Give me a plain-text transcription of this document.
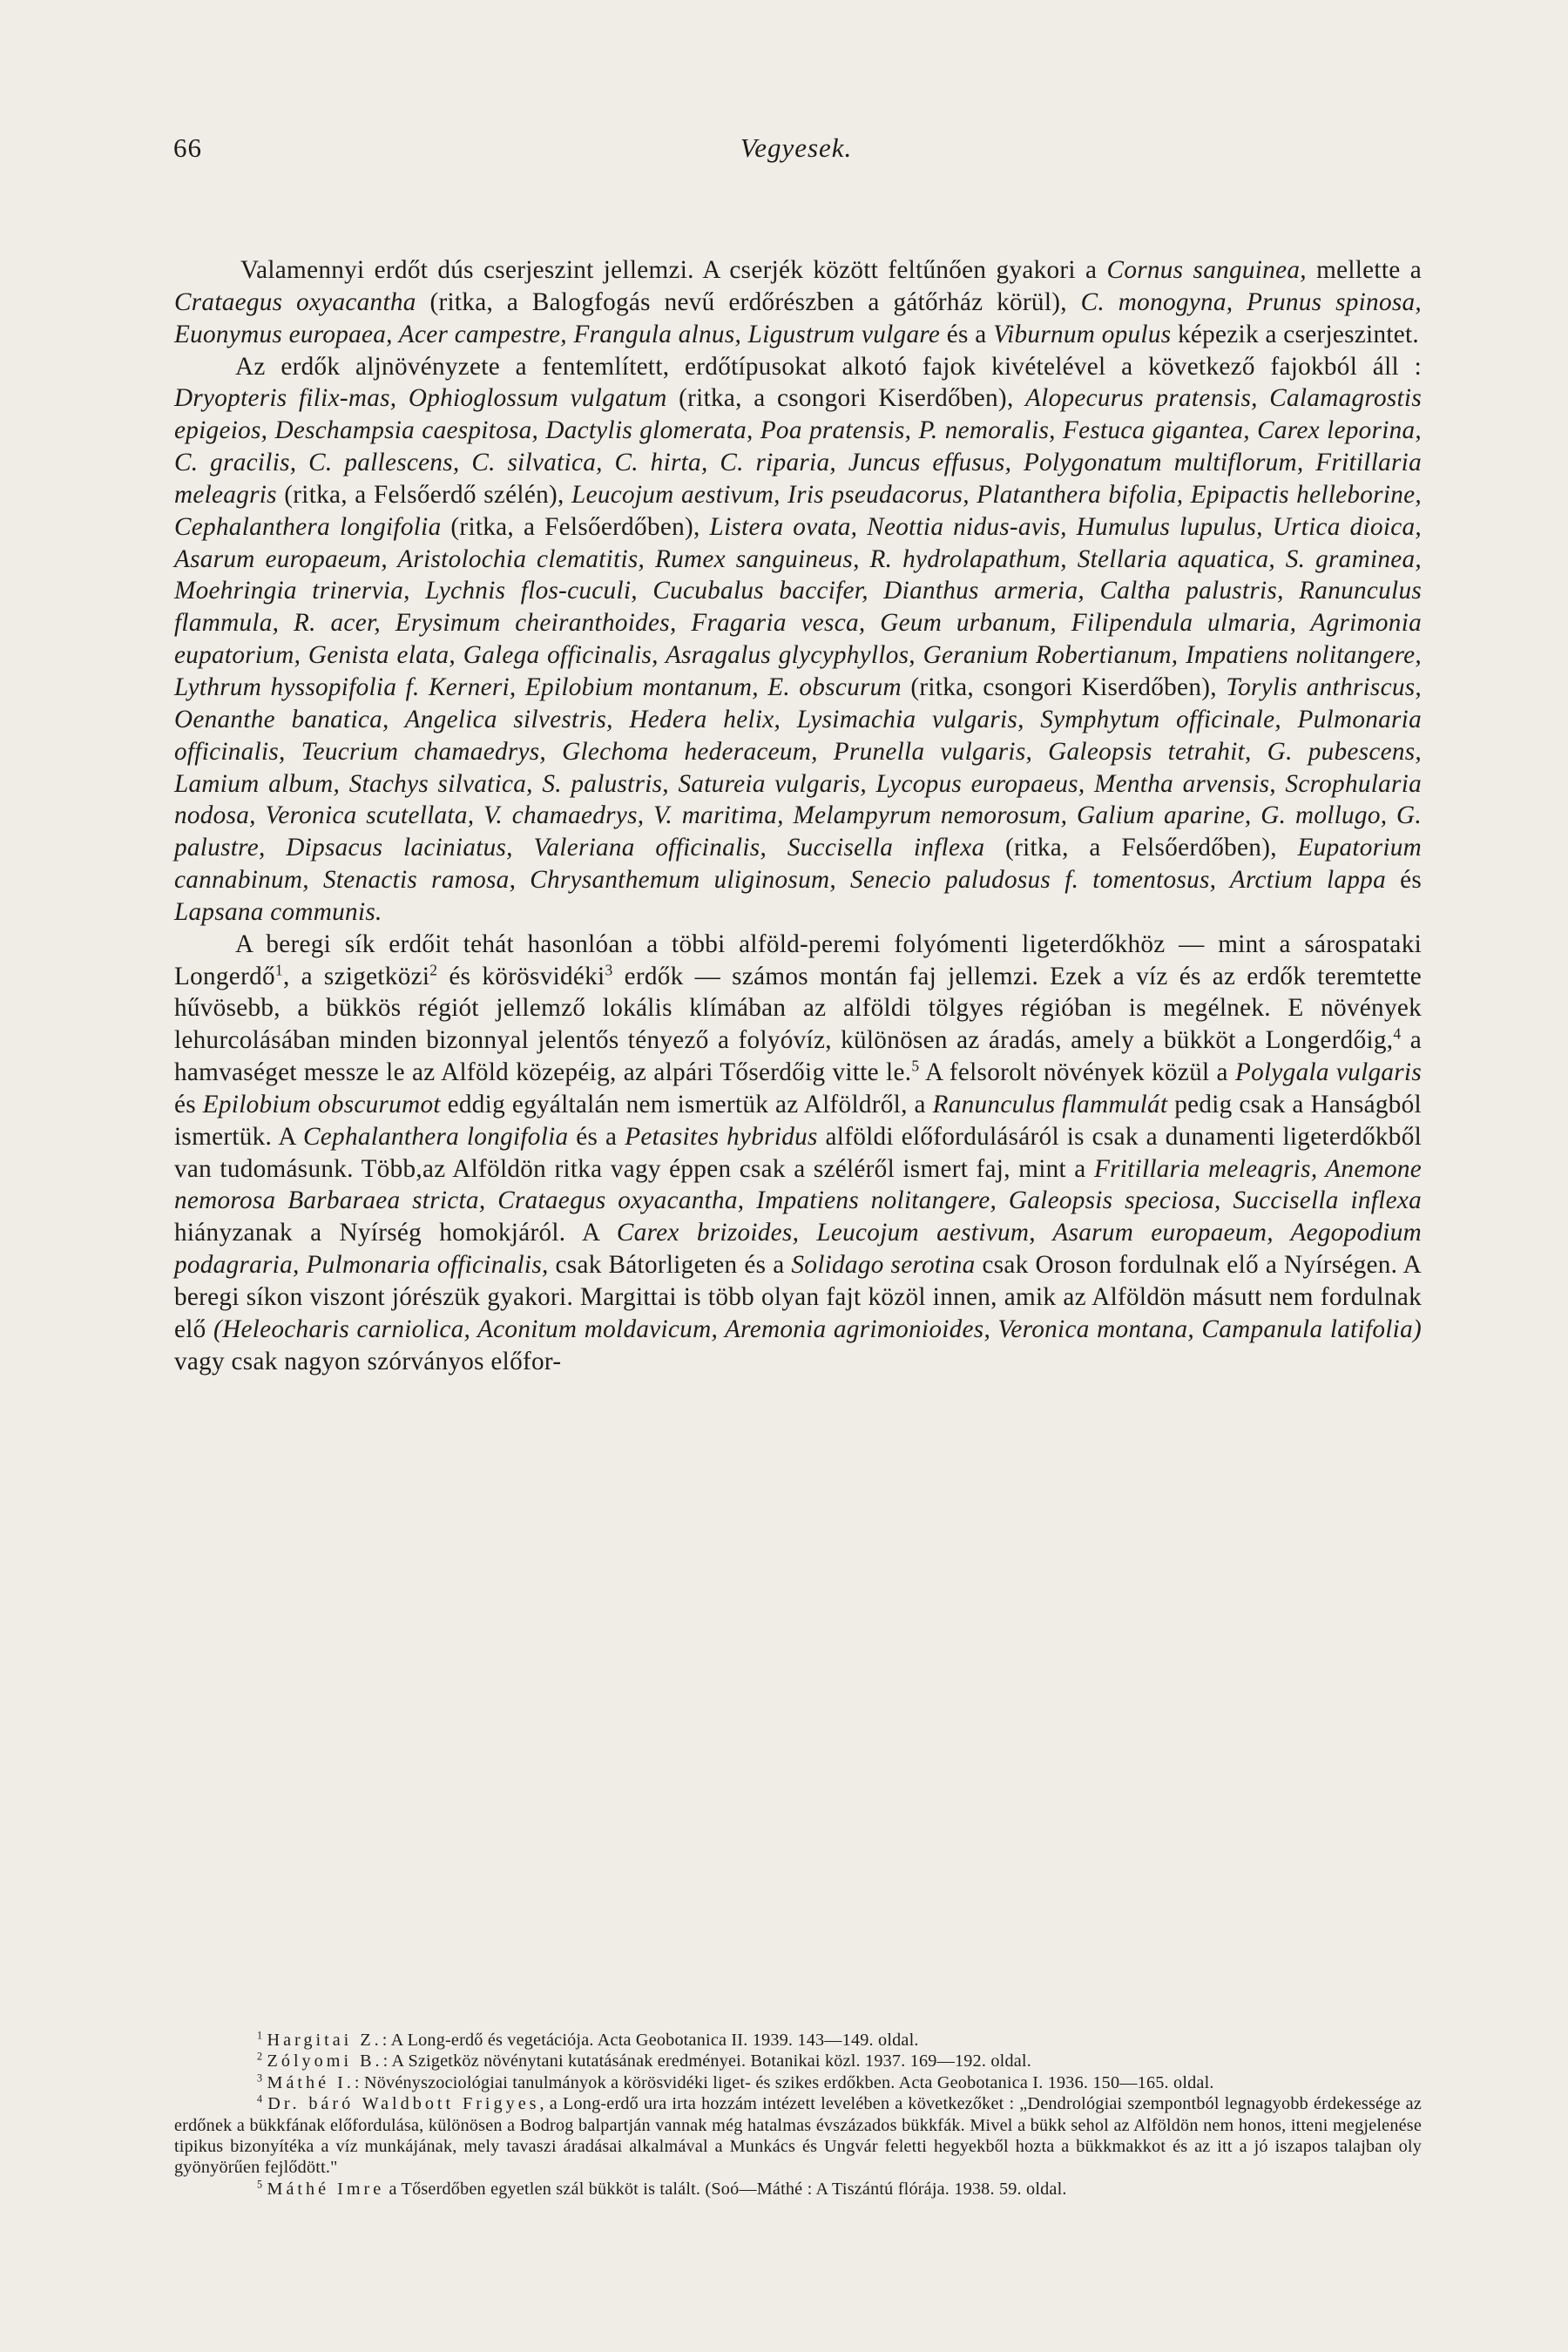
66	Vegyesek.

Valamennyi erdőt dús cserjeszint jellemzi. A cserjék között feltűnően gyakori a Cornus sanguinea, mellette a Crataegus oxyacantha (ritka, a Balogfogás nevű erdőrészben a gátőrház körül), C. monogyna, Prunus spinosa, Euonymus europaea, Acer campestre, Frangula alnus, Ligustrum vulgare és a Viburnum opulus képezik a cserjeszintet.

Az erdők aljnövényzete a fentemlített, erdőtípusokat alkotó fajok kivételével a következő fajokból áll : Dryopteris filix-mas, Ophioglossum vulgatum (ritka, a csongori Kiserdőben), Alopecurus pratensis, Calamagrostis epigeios, Deschampsia caespitosa, Dactylis glomerata, Poa pratensis, P. nemoralis, Festuca gigantea, Carex leporina, C. gracilis, C. pallescens, C. silvatica, C. hirta, C. riparia, Juncus effusus, Polygonatum multiflorum, Fritillaria meleagris (ritka, a Felsőerdő szélén), Leucojum aestivum, Iris pseudacorus, Platanthera bifolia, Epipactis helleborine, Cephalanthera longifolia (ritka, a Felsőerdőben), Listera ovata, Neottia nidus-avis, Humulus lupulus, Urtica dioica, Asarum europaeum, Aristolochia clematitis, Rumex sanguineus, R. hydrolapathum, Stellaria aquatica, S. graminea, Moehringia trinervia, Lychnis flos-cuculi, Cucubalus baccifer, Dianthus armeria, Caltha palustris, Ranunculus flammula, R. acer, Erysimum cheiranthoides, Fragaria vesca, Geum urbanum, Filipendula ulmaria, Agrimonia eupatorium, Genista elata, Galega officinalis, Asragalus glycyphyllos, Geranium Robertianum, Impatiens nolitangere, Lythrum hyssopifolia f. Kerneri, Epilobium montanum, E. obscurum (ritka, csongori Kiserdőben), Torylis anthriscus, Oenanthe banatica, Angelica silvestris, Hedera helix, Lysimachia vulgaris, Symphytum officinale, Pulmonaria officinalis, Teucrium chamaedrys, Glechoma hederaceum, Prunella vulgaris, Galeopsis tetrahit, G. pubescens, Lamium album, Stachys silvatica, S. palustris, Satureia vulgaris, Lycopus europaeus, Mentha arvensis, Scrophularia nodosa, Veronica scutellata, V. chamaedrys, V. maritima, Melampyrum nemorosum, Galium aparine, G. mollugo, G. palustre, Dipsacus laciniatus, Valeriana officinalis, Succisella inflexa (ritka, a Felsőerdőben), Eupatorium cannabinum, Stenactis ramosa, Chrysanthemum uliginosum, Senecio paludosus f. tomentosus, Arctium lappa és Lapsana communis.

A beregi sík erdőit tehát hasonlóan a többi alföld-peremi folyómenti ligeterdőkhöz — mint a sárospataki Longerdő$^1$, a szigetközi$^2$ és körösvidéki$^3$ erdők — számos montán faj jellemzi. Ezek a víz és az erdők teremtette hűvösebb, a bükkös régiót jellemző lokális klímában az alföldi tölgyes régióban is megélnek. E növények lehurcolásában minden bizonnyal jelentős tényező a folyóvíz, különösen az áradás, amely a bükköt a Longerdőig,$^4$ a hamvaséget messze le az Alföld közepéig, az alpári Tőserdőig vitte le.$^5$ A felsorolt növények közül a Polygala vulgaris és Epilobium obscurumot eddig egyáltalán nem ismertük az Alföldről, a Ranunculus flammulát pedig csak a Hanságból ismertük. A Cephalanthera longifolia és a Petasites hybridus alföldi előfordulásáról is csak a dunamenti ligeterdőkből van tudomásunk. Több,az Alföldön ritka vagy éppen csak a széléről ismert faj, mint a Fritillaria meleagris, Anemone nemorosa Barbaraea stricta, Crataegus oxyacantha, Impatiens nolitangere, Galeopsis speciosa, Succisella inflexa hiányzanak a Nyírség homokjáról. A Carex brizoides, Leucojum aestivum, Asarum europaeum, Aegopodium podagraria, Pulmonaria officinalis, csak Bátorligeten és a Solidago serotina csak Oroson fordulnak elő a Nyírségen. A beregi síkon viszont jórészük gyakori. Margittai is több olyan fajt közöl innen, amik az Alföldön másutt nem fordulnak elő (Heleocharis carniolica, Aconitum moldavicum, Aremonia agrimonioides, Veronica montana, Campanula latifolia) vagy csak nagyon szórványos előfor-

$^1$ Hargitai Z.: A Long-erdő és vegetációja. Acta Geobotanica II. 1939. 143—149. oldal.

$^2$ Zólyomi B.: A Szigetköz növénytani kutatásának eredményei. Botanikai közl. 1937. 169—192. oldal.

$^3$ Máthé I.: Növényszociológiai tanulmányok a körösvidéki liget- és szikes erdőkben. Acta Geobotanica I. 1936. 150—165. oldal.

$^4$ Dr. báró Waldbott Frigyes, a Long-erdő ura irta hozzám intézett levelében a következőket : „Dendrológiai szempontból legnagyobb érdekessége az erdőnek a bükkfának előfordulása, különösen a Bodrog balpartján vannak még hatalmas évszázados bükkfák. Mivel a bükk sehol az Alföldön nem honos, itteni megjelenése tipikus bizonyítéka a víz munkájának, mely tavaszi áradásai alkalmával a Munkács és Ungvár feletti hegyekből hozta a bükkmakkot és az itt a jó iszapos talajban oly gyönyörűen fejlődött."

$^5$ Máthé Imre a Tőserdőben egyetlen szál bükköt is talált. (Soó—Máthé : A Tiszántú flórája. 1938. 59. oldal.
